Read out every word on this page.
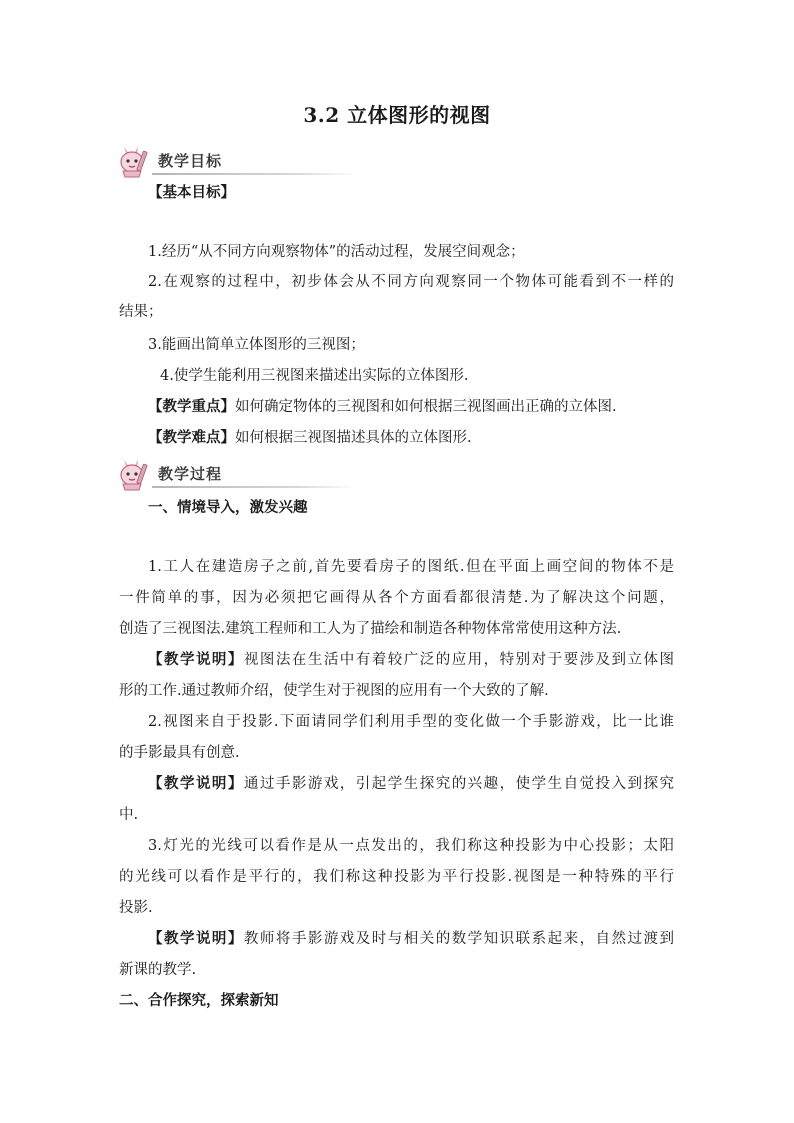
3.2 立体图形的视图
教学目标
【基本目标】
1.经历“从不同方向观察物体”的活动过程，发展空间观念；
2.在观察的过程中，初步体会从不同方向观察同一个物体可能看到不一样的
结果；
3.能画出简单立体图形的三视图；
4.使学生能利用三视图来描述出实际的立体图形.
【教学重点】如何确定物体的三视图和如何根据三视图画出正确的立体图.
【教学难点】如何根据三视图描述具体的立体图形.
教学过程
一、情境导入，激发兴趣
1.工人在建造房子之前,首先要看房子的图纸.但在平面上画空间的物体不是
一件简单的事，因为必须把它画得从各个方面看都很清楚.为了解决这个问题，
创造了三视图法.建筑工程师和工人为了描绘和制造各种物体常常使用这种方法.
【教学说明】视图法在生活中有着较广泛的应用，特别对于要涉及到立体图
形的工作.通过教师介绍，使学生对于视图的应用有一个大致的了解.
2.视图来自于投影.下面请同学们利用手型的变化做一个手影游戏，比一比谁
的手影最具有创意.
【教学说明】通过手影游戏，引起学生探究的兴趣，使学生自觉投入到探究
中.
3.灯光的光线可以看作是从一点发出的，我们称这种投影为中心投影；太阳
的光线可以看作是平行的，我们称这种投影为平行投影.视图是一种特殊的平行
投影.
【教学说明】教师将手影游戏及时与相关的数学知识联系起来，自然过渡到
新课的教学.
二、合作探究，探索新知
